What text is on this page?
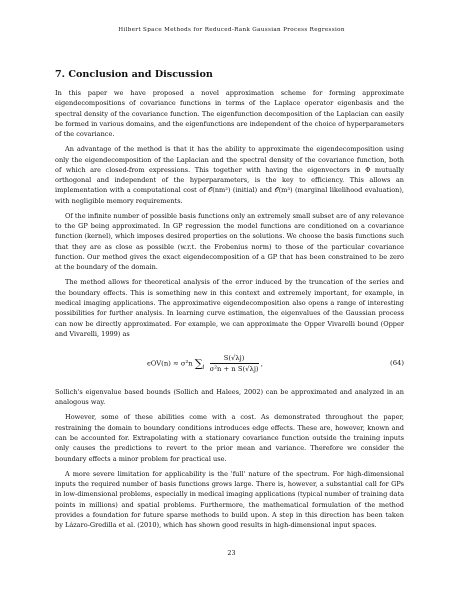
Hilbert Space Methods for Reduced-Rank Gaussian Process Regression
7. Conclusion and Discussion

In this paper we have proposed a novel approximation scheme for forming approximate eigendecompositions of covariance functions in terms of the Laplace operator eigenbasis and the spectral density of the covariance function. The eigenfunction decomposition of the Laplacian can easily be formed in various domains, and the eigenfunctions are independent of the choice of hyperparameters of the covariance.

An advantage of the method is that it has the ability to approximate the eigendecomposition using only the eigendecomposition of the Laplacian and the spectral density of the covariance function, both of which are closed-from expressions. This together with having the eigenvectors in Φ mutually orthogonal and independent of the hyperparameters, is the key to efficiency. This allows an implementation with a computational cost of 𝒪(nm²) (initial) and 𝒪(m³) (marginal likelihood evaluation), with negligible memory requirements.

Of the infinite number of possible basis functions only an extremely small subset are of any relevance to the GP being approximated. In GP regression the model functions are conditioned on a covariance function (kernel), which imposes desired properties on the solutions. We choose the basis functions such that they are as close as possible (w.r.t. the Frobenius norm) to those of the particular covariance function. Our method gives the exact eigendecomposition of a GP that has been constrained to be zero at the boundary of the domain.

The method allows for theoretical analysis of the error induced by the truncation of the series and the boundary effects. This is something new in this context and extremely important, for example, in medical imaging applications. The approximative eigendecomposition also opens a range of interesting possibilities for further analysis. In learning curve estimation, the eigenvalues of the Gaussian process can now be directly approximated. For example, we can approximate the Opper Vivarelli bound (Opper and Vivarelli, 1999) as

ϵOV(n) ≈ σ²n $\sum_j \frac{S(√\lambda j)}{\text{σ²n + n S(√λj)}}$ ,	(64)

Sollich's eigenvalue based bounds (Sollich and Halees, 2002) can be approximated and analyzed in an analogous way.

However, some of these abilities come with a cost. As demonstrated throughout the paper, restraining the domain to boundary conditions introduces edge effects. These are, however, known and can be accounted for. Extrapolating with a stationary covariance function outside the training inputs only causes the predictions to revert to the prior mean and variance. Therefore we consider the boundary effects a minor problem for practical use.

A more severe limitation for applicability is the 'full' nature of the spectrum. For high-dimensional inputs the required number of basis functions grows large. There is, however, a substantial call for GPs in low-dimensional problems, especially in medical imaging applications (typical number of training data points in millions) and spatial problems. Furthermore, the mathematical formulation of the method provides a foundation for future sparse methods to build upon. A step in this direction has been taken by Lázaro-Gredilla et al. (2010), which has shown good results in high-dimensional input spaces.

23
